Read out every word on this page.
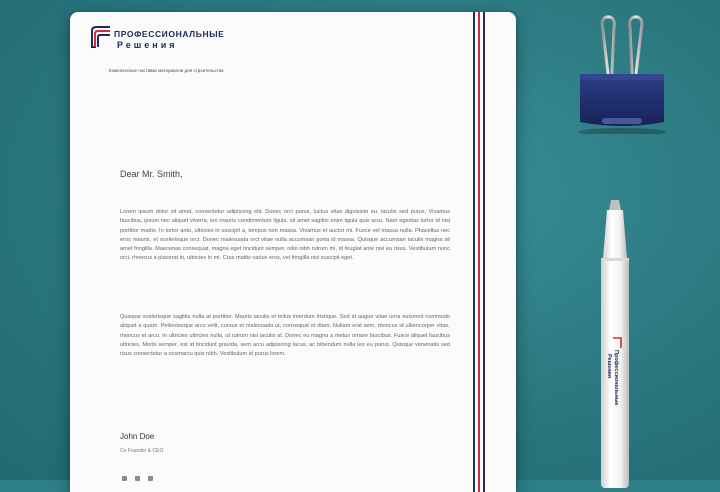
ПРОФЕССИОНАЛЬНЫЕ
Решения
Комплексные поставки материалов для строительства
Dear Mr. Smith,

Lorem ipsum dolor sit amet, consectetur adipiscing elit. Donec orci purus, luctus vitae dignissim eu, iaculis sed purus. Vivamus faucibus, ipsum nec aliquet viverra, leo mauris condimentum ligula, sit amet sagittis enim ligula quis arcu. Nam egestas tortor id nisi porttitor mattis. In tortor ante, ultricies in suscipit a, tempus non massa. Vivamus et auctor mi. Fusce vel massa nulla. Phasellus nec eros mauris, et scelerisque orci. Donec malesuada orci vitae nulla accumsan porta id massa. Quisque accumsan iaculis magna sit amet fringilla. Maecenas consequat, magna eget tincidunt semper, odio nibh rutrum mi, id feugiat ante nisi eu risus. Vestibulum nunc orci, rhoncus a placerat in, ultricies in mi. Cras mattis varius eros, vel fringilla nisi suscipit eget.

Quisque scelerisque sagittis nulla at porttitor. Mauris iaculis et tellus interdum tristique. Sed id augue vitae urna euismod commodo aliquet a quam. Pellentesque arcu velit, cursus et malesuada ut, consequat et diam. Nullam erat sem, rhoncus id ullamcorper vitae, rhoncus et arcu. In ultricies ultricies nulla, ut rutrum nisi iaculis at. Donec eu magna a metus ornare faucibus. Fusce aliquet faucibus ultricies. Morbi semper, est id tincidunt gravida, sem arcu adipiscing lacus, ac bibendum nulla leo eu purus. Quisque venenatis sed risus consectetur a cosmarcu quis nibh. Vestibulum id purus lorem.

John Doe
Co Founder & CEO
Профессиональные
Решения
